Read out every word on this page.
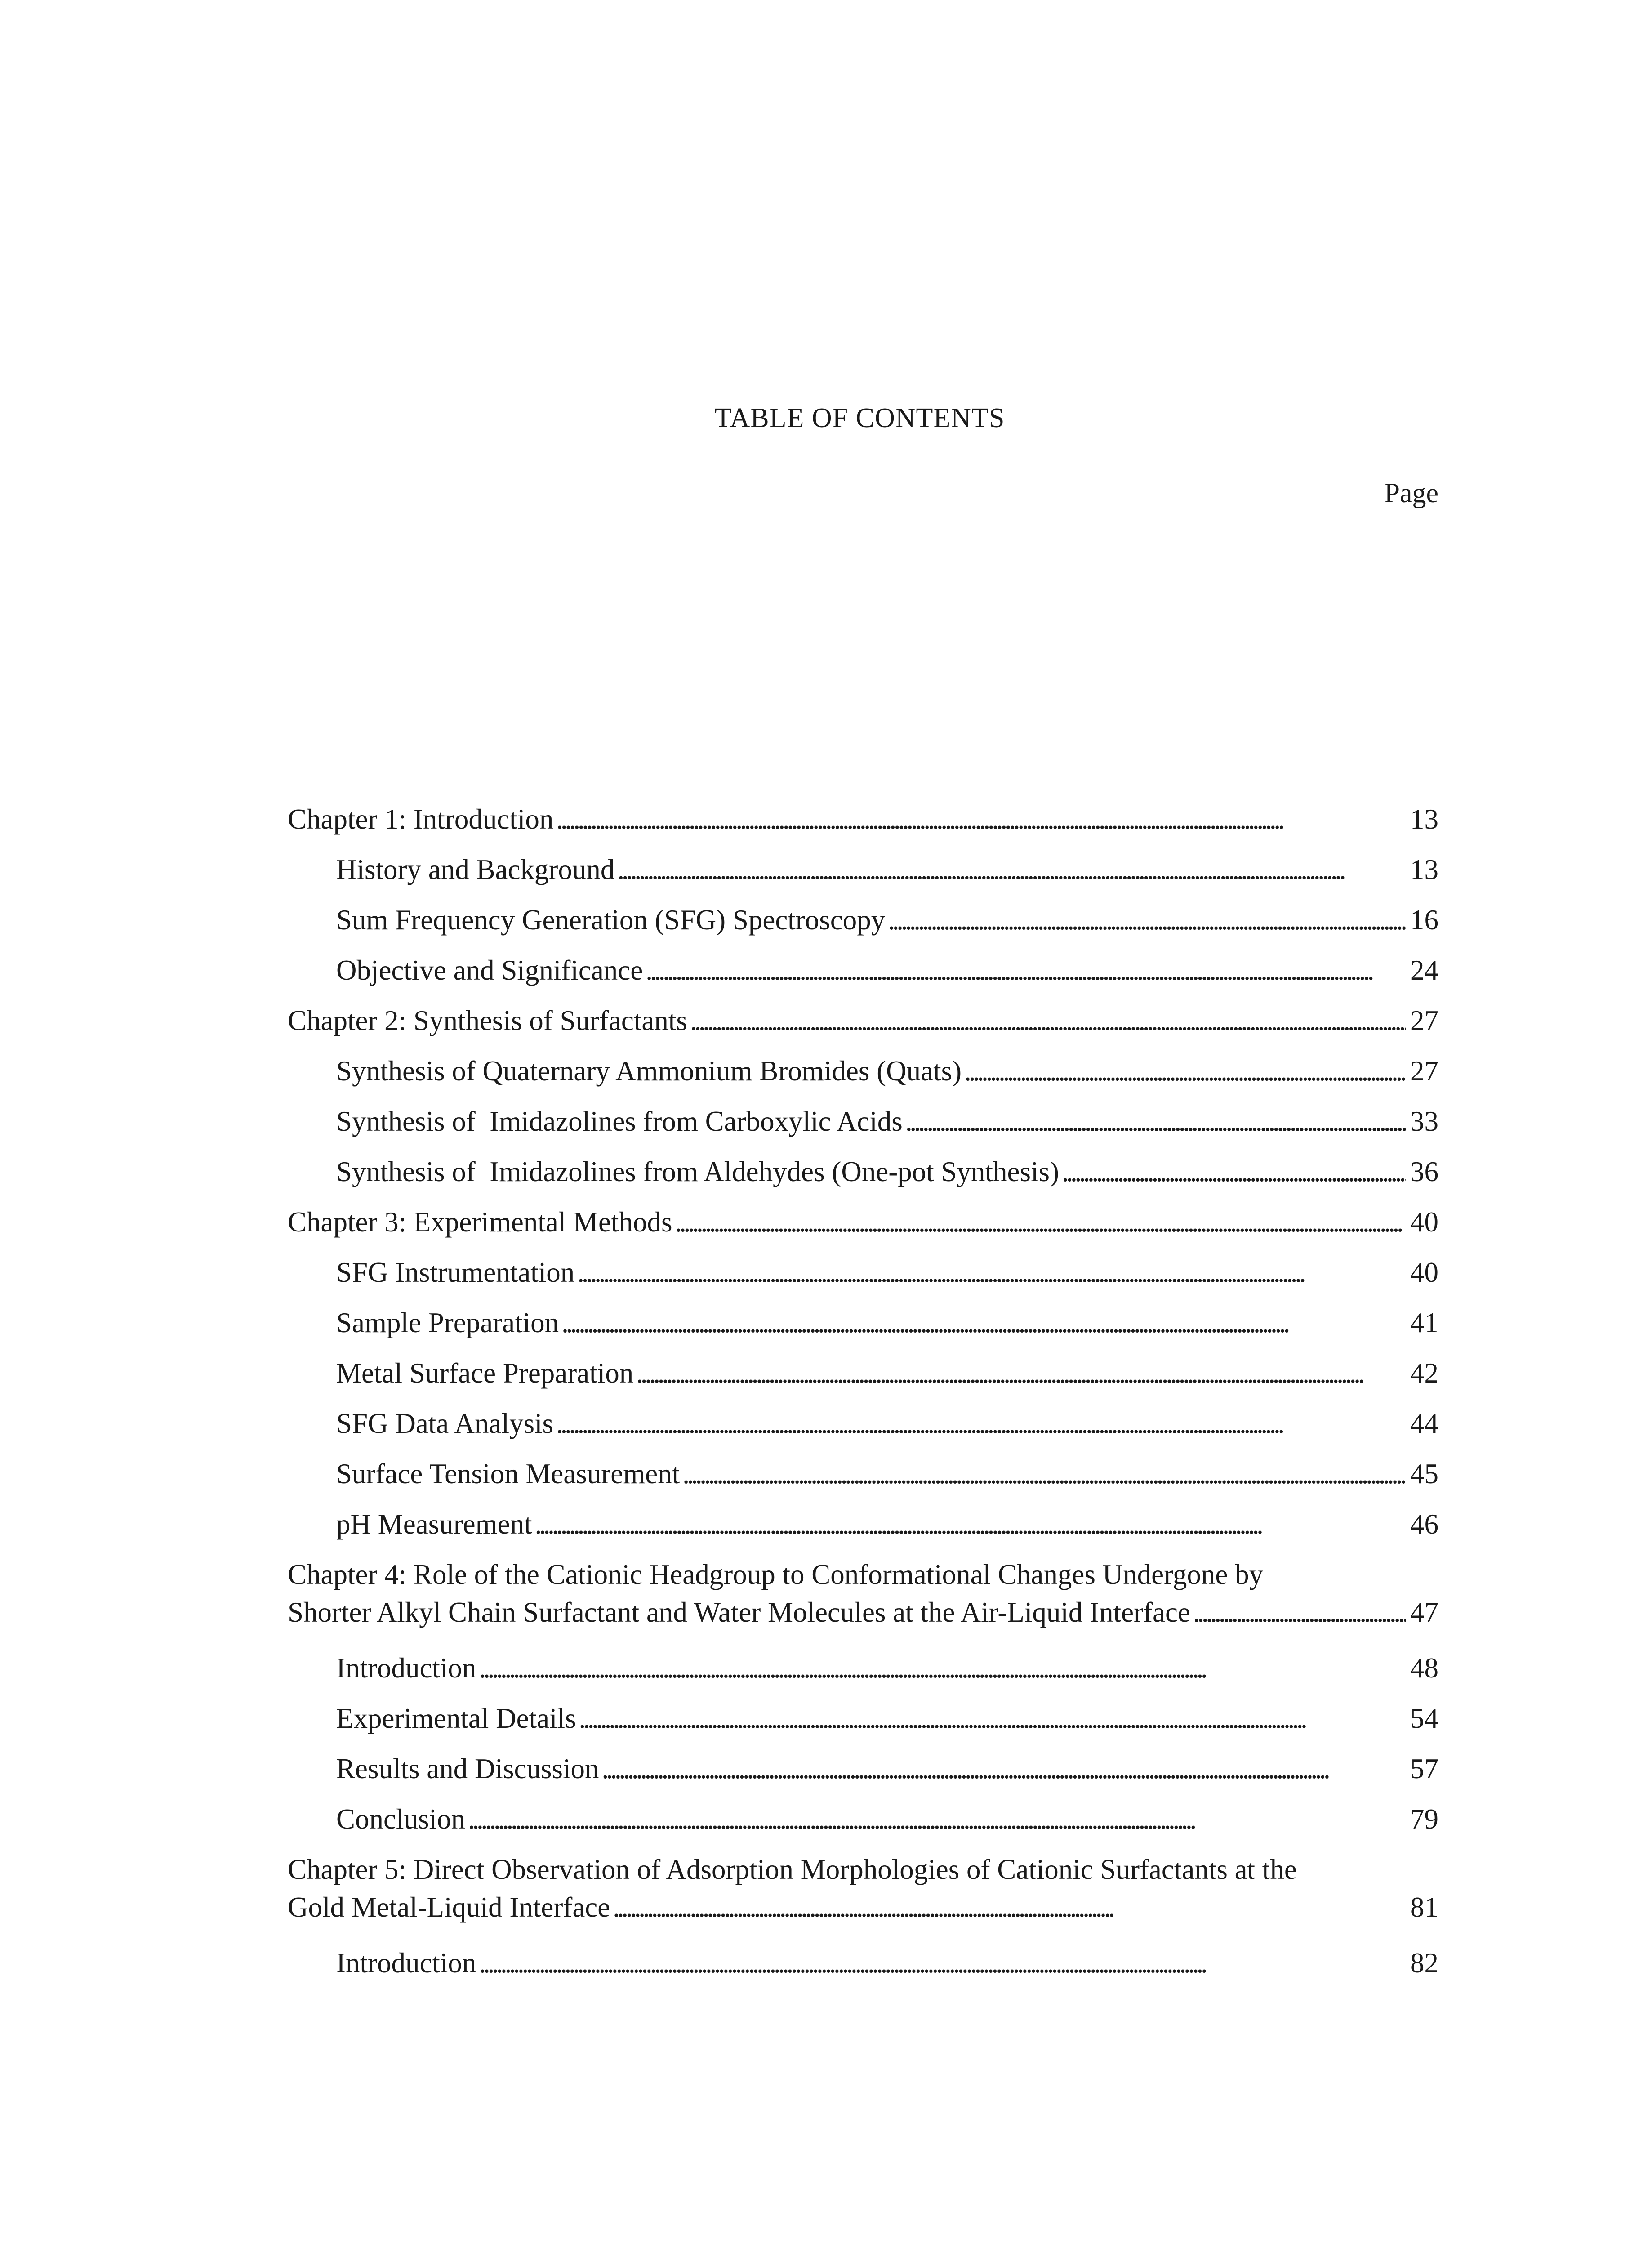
TABLE OF CONTENTS
Page
Chapter 1: Introduction . . .	13
History and Background . . .	13
Sum Frequency Generation (SFG) Spectroscopy . . .	16
Objective and Significance . . .	24
Chapter 2: Synthesis of Surfactants . . .	27
Synthesis of Quaternary Ammonium Bromides (Quats) . . .	27
Synthesis of  Imidazolines from Carboxylic Acids . . .	33
Synthesis of  Imidazolines from Aldehydes (One-pot Synthesis) . . .	36
Chapter 3: Experimental Methods . . .	40
SFG Instrumentation . . .	40
Sample Preparation . . .	41
Metal Surface Preparation . . .	42
SFG Data Analysis . . .	44
Surface Tension Measurement . . .	45
pH Measurement . . .	46
Chapter 4: Role of the Cationic Headgroup to Conformational Changes Undergone by
Shorter Alkyl Chain Surfactant and Water Molecules at the Air-Liquid Interface . . .	47
Introduction . . .	48
Experimental Details . . .	54
Results and Discussion . . .	57
Conclusion . . .	79
Chapter 5: Direct Observation of Adsorption Morphologies of Cationic Surfactants at the
Gold Metal-Liquid Interface . . .	81
Introduction . . .	82
